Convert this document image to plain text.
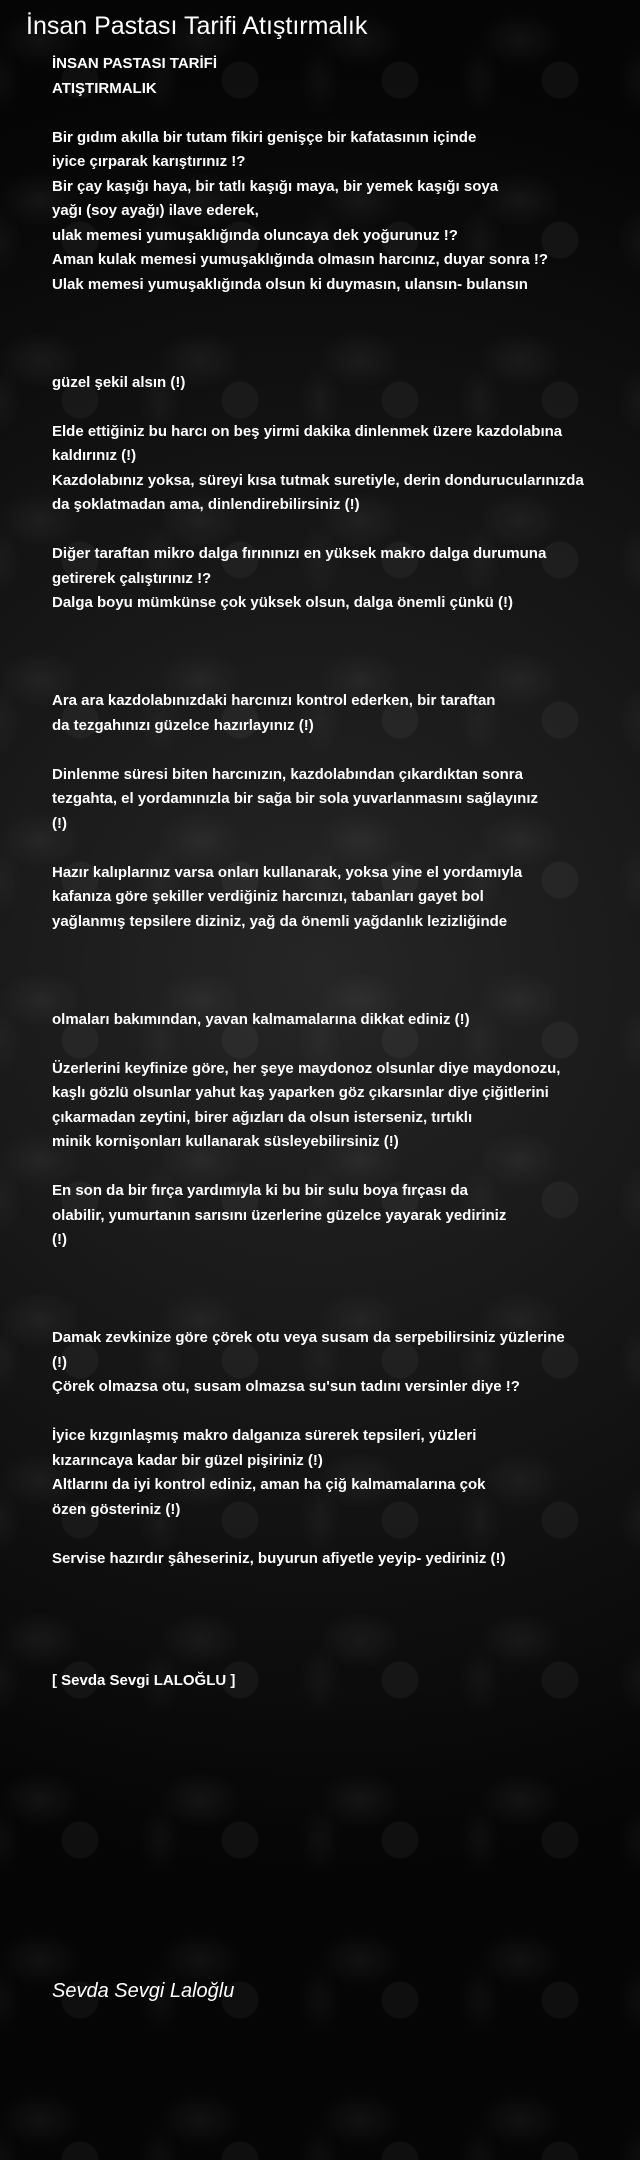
İnsan Pastası Tarifi Atıştırmalık
İNSAN PASTASI TARİFİ
ATIŞTIRMALIK
Bir gıdım akılla bir tutam fikiri genişçe bir kafatasının içinde
iyice çırparak karıştırınız !?
Bir çay kaşığı haya, bir tatlı kaşığı maya, bir yemek kaşığı soya
yağı (soy ayağı) ilave ederek,
ulak memesi yumuşaklığında oluncaya dek yoğurunuz !?
Aman kulak memesi yumuşaklığında olmasın harcınız, duyar sonra !?
Ulak memesi yumuşaklığında olsun ki duymasın, ulansın- bulansın
güzel şekil alsın (!)
Elde ettiğiniz bu harcı on beş yirmi dakika dinlenmek üzere kazdolabına
kaldırınız (!)
Kazdolabınız yoksa, süreyi kısa tutmak suretiyle, derin dondurucularınızda
da şoklatmadan ama, dinlendirebilirsiniz (!)
Diğer taraftan mikro dalga fırınınızı en yüksek makro dalga durumuna
getirerek çalıştırınız !?
Dalga boyu mümkünse çok yüksek olsun, dalga önemli çünkü (!)
Ara ara kazdolabınızdaki harcınızı kontrol ederken, bir taraftan
da tezgahınızı güzelce hazırlayınız (!)
Dinlenme süresi biten harcınızın, kazdolabından çıkardıktan sonra
tezgahta, el yordamınızla bir sağa bir sola yuvarlanmasını sağlayınız
(!)
Hazır kalıplarınız varsa onları kullanarak, yoksa yine el yordamıyla
kafanıza göre şekiller verdiğiniz harcınızı, tabanları gayet bol
yağlanmış tepsilere diziniz, yağ da önemli yağdanlık lezizliğinde
olmaları bakımından, yavan kalmamalarına dikkat ediniz (!)
Üzerlerini keyfinize göre, her şeye maydonoz olsunlar diye maydonozu,
kaşlı gözlü olsunlar yahut kaş yaparken göz çıkarsınlar diye çiğitlerini
çıkarmadan zeytini, birer ağızları da olsun isterseniz, tırtıklı
minik kornişonları kullanarak süsleyebilirsiniz (!)
En son da bir fırça yardımıyla ki bu bir sulu boya fırçası da
olabilir, yumurtanın sarısını üzerlerine güzelce yayarak yediriniz
(!)
Damak zevkinize göre çörek otu veya susam da serpebilirsiniz yüzlerine
(!)
Çörek olmazsa otu, susam olmazsa su'sun tadını versinler diye !?
İyice kızgınlaşmış makro dalganıza sürerek tepsileri, yüzleri
kızarıncaya kadar bir güzel pişiriniz (!)
Altlarını da iyi kontrol ediniz, aman ha çiğ kalmamalarına çok
özen gösteriniz (!)
Servise hazırdır şâheseriniz, buyurun afiyetle yeyip- yediriniz (!)
[ Sevda Sevgi LALOĞLU ]
Sevda Sevgi Laloğlu
